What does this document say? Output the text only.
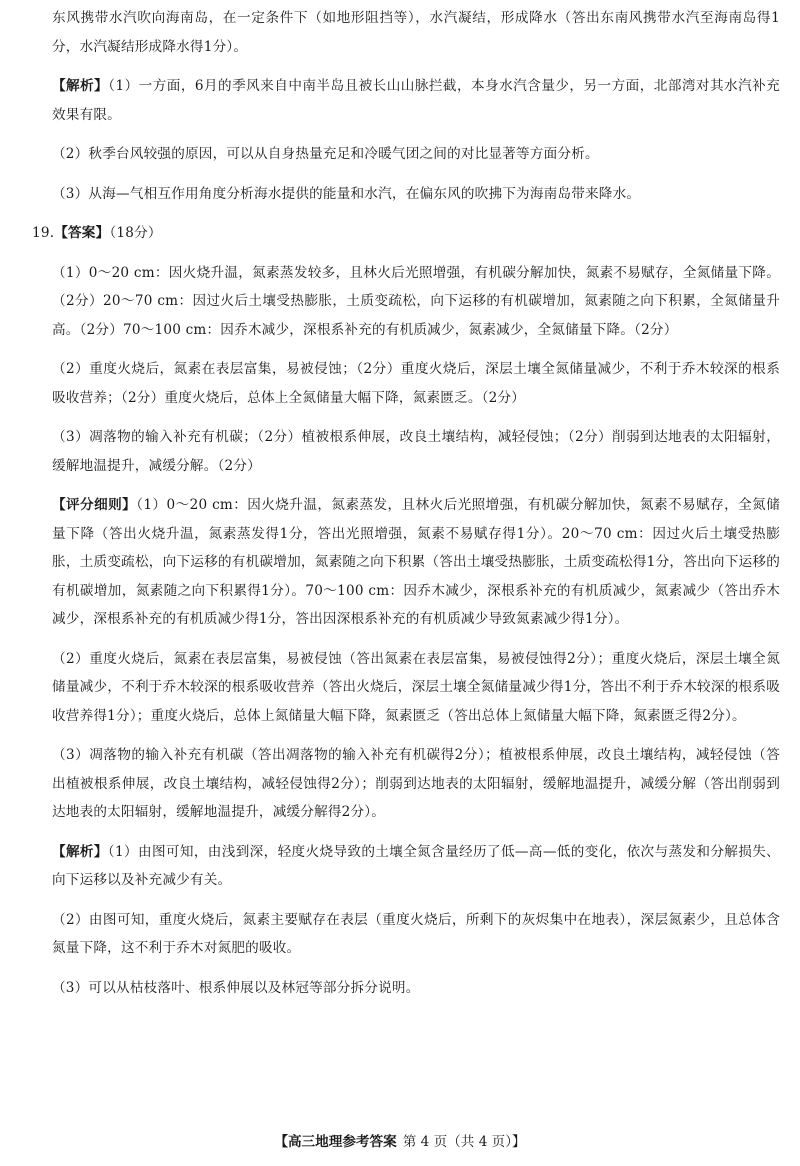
东风携带水汽吹向海南岛，在一定条件下（如地形阻挡等），水汽凝结，形成降水（答出东南风携带水汽至海南岛得1分，水汽凝结形成降水得1分）。

【解析】（1）一方面，6月的季风来自中南半岛且被长山山脉拦截，本身水汽含量少，另一方面，北部湾对其水汽补充效果有限。

（2）秋季台风较强的原因，可以从自身热量充足和冷暖气团之间的对比显著等方面分析。

（3）从海—气相互作用角度分析海水提供的能量和水汽，在偏东风的吹拂下为海南岛带来降水。

19.【答案】（18分）

（1）0～20 cm：因火烧升温，氮素蒸发较多，且林火后光照增强，有机碳分解加快，氮素不易赋存，全氮储量下降。（2分）20～70 cm：因过火后土壤受热膨胀，土质变疏松，向下运移的有机碳增加，氮素随之向下积累，全氮储量升高。（2分）70～100 cm：因乔木减少，深根系补充的有机质减少，氮素减少，全氮储量下降。（2分）

（2）重度火烧后，氮素在表层富集，易被侵蚀；（2分）重度火烧后，深层土壤全氮储量减少，不利于乔木较深的根系吸收营养；（2分）重度火烧后，总体上全氮储量大幅下降，氮素匮乏。（2分）

（3）凋落物的输入补充有机碳；（2分）植被根系伸展，改良土壤结构，减轻侵蚀；（2分）削弱到达地表的太阳辐射，缓解地温提升，减缓分解。（2分）

【评分细则】（1）0～20 cm：因火烧升温，氮素蒸发，且林火后光照增强，有机碳分解加快，氮素不易赋存，全氮储量下降（答出火烧升温，氮素蒸发得1分，答出光照增强，氮素不易赋存得1分）。20～70 cm：因过火后土壤受热膨胀，土质变疏松，向下运移的有机碳增加，氮素随之向下积累（答出土壤受热膨胀，土质变疏松得1分，答出向下运移的有机碳增加，氮素随之向下积累得1分）。70～100 cm：因乔木减少，深根系补充的有机质减少，氮素减少（答出乔木减少，深根系补充的有机质减少得1分，答出因深根系补充的有机质减少导致氮素减少得1分）。

（2）重度火烧后，氮素在表层富集，易被侵蚀（答出氮素在表层富集，易被侵蚀得2分）；重度火烧后，深层土壤全氮储量减少，不利于乔木较深的根系吸收营养（答出火烧后，深层土壤全氮储量减少得1分，答出不利于乔木较深的根系吸收营养得1分）；重度火烧后，总体上氮储量大幅下降，氮素匮乏（答出总体上氮储量大幅下降，氮素匮乏得2分）。

（3）凋落物的输入补充有机碳（答出凋落物的输入补充有机碳得2分）；植被根系伸展，改良土壤结构，减轻侵蚀（答出植被根系伸展，改良土壤结构，减轻侵蚀得2分）；削弱到达地表的太阳辐射，缓解地温提升，减缓分解（答出削弱到达地表的太阳辐射，缓解地温提升，减缓分解得2分）。

【解析】（1）由图可知，由浅到深，轻度火烧导致的土壤全氮含量经历了低—高—低的变化，依次与蒸发和分解损失、向下运移以及补充减少有关。

（2）由图可知，重度火烧后，氮素主要赋存在表层（重度火烧后，所剩下的灰烬集中在地表），深层氮素少，且总体含氮量下降，这不利于乔木对氮肥的吸收。

（3）可以从枯枝落叶、根系伸展以及林冠等部分拆分说明。

【高三地理参考答案 第 4 页（共 4 页）】
